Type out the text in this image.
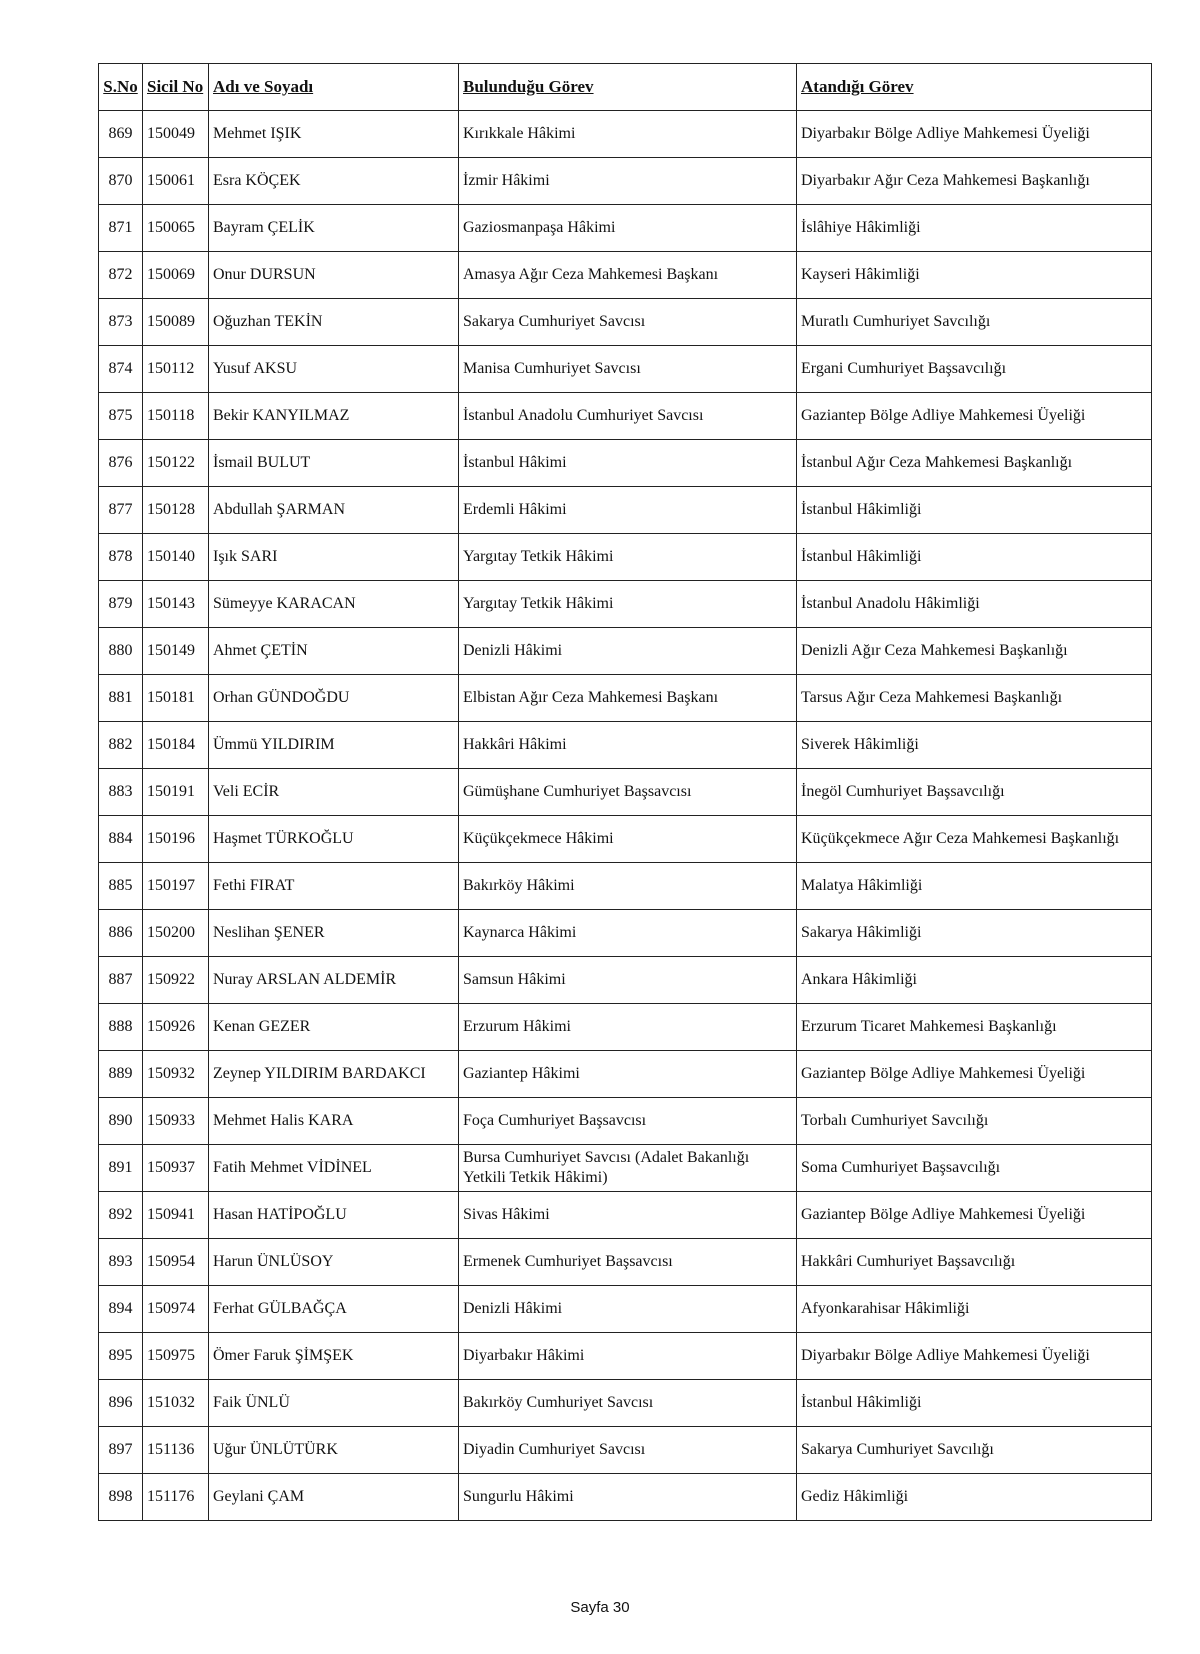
S.No	Sicil No	Adı ve Soyadı	Bulunduğu Görev	Atandığı Görev
869	150049	Mehmet IŞIK	Kırıkkale Hâkimi	Diyarbakır Bölge Adliye Mahkemesi Üyeliği
870	150061	Esra KÖÇEK	İzmir Hâkimi	Diyarbakır Ağır Ceza Mahkemesi Başkanlığı
871	150065	Bayram ÇELİK	Gaziosmanpaşa Hâkimi	İslâhiye Hâkimliği
872	150069	Onur DURSUN	Amasya Ağır Ceza Mahkemesi Başkanı	Kayseri Hâkimliği
873	150089	Oğuzhan TEKİN	Sakarya Cumhuriyet Savcısı	Muratlı Cumhuriyet Savcılığı
874	150112	Yusuf AKSU	Manisa Cumhuriyet Savcısı	Ergani Cumhuriyet Başsavcılığı
875	150118	Bekir KANYILMAZ	İstanbul Anadolu Cumhuriyet Savcısı	Gaziantep Bölge Adliye Mahkemesi Üyeliği
876	150122	İsmail BULUT	İstanbul Hâkimi	İstanbul Ağır Ceza Mahkemesi Başkanlığı
877	150128	Abdullah ŞARMAN	Erdemli Hâkimi	İstanbul Hâkimliği
878	150140	Işık SARI	Yargıtay Tetkik Hâkimi	İstanbul Hâkimliği
879	150143	Sümeyye KARACAN	Yargıtay Tetkik Hâkimi	İstanbul Anadolu Hâkimliği
880	150149	Ahmet ÇETİN	Denizli Hâkimi	Denizli Ağır Ceza Mahkemesi Başkanlığı
881	150181	Orhan GÜNDOĞDU	Elbistan Ağır Ceza Mahkemesi Başkanı	Tarsus Ağır Ceza Mahkemesi Başkanlığı
882	150184	Ümmü YILDIRIM	Hakkâri Hâkimi	Siverek Hâkimliği
883	150191	Veli ECİR	Gümüşhane Cumhuriyet Başsavcısı	İnegöl Cumhuriyet Başsavcılığı
884	150196	Haşmet TÜRKOĞLU	Küçükçekmece Hâkimi	Küçükçekmece Ağır Ceza Mahkemesi Başkanlığı
885	150197	Fethi FIRAT	Bakırköy Hâkimi	Malatya Hâkimliği
886	150200	Neslihan ŞENER	Kaynarca Hâkimi	Sakarya Hâkimliği
887	150922	Nuray ARSLAN ALDEMİR	Samsun Hâkimi	Ankara Hâkimliği
888	150926	Kenan GEZER	Erzurum Hâkimi	Erzurum Ticaret Mahkemesi Başkanlığı
889	150932	Zeynep YILDIRIM BARDAKCI	Gaziantep Hâkimi	Gaziantep Bölge Adliye Mahkemesi Üyeliği
890	150933	Mehmet Halis KARA	Foça Cumhuriyet Başsavcısı	Torbalı Cumhuriyet Savcılığı
891	150937	Fatih Mehmet VİDİNEL	Bursa Cumhuriyet Savcısı (Adalet Bakanlığı Yetkili Tetkik Hâkimi)	Soma Cumhuriyet Başsavcılığı
892	150941	Hasan HATİPOĞLU	Sivas Hâkimi	Gaziantep Bölge Adliye Mahkemesi Üyeliği
893	150954	Harun ÜNLÜSOY	Ermenek Cumhuriyet Başsavcısı	Hakkâri Cumhuriyet Başsavcılığı
894	150974	Ferhat GÜLBAĞÇA	Denizli Hâkimi	Afyonkarahisar Hâkimliği
895	150975	Ömer Faruk ŞİMŞEK	Diyarbakır Hâkimi	Diyarbakır Bölge Adliye Mahkemesi Üyeliği
896	151032	Faik ÜNLÜ	Bakırköy Cumhuriyet Savcısı	İstanbul Hâkimliği
897	151136	Uğur ÜNLÜTÜRK	Diyadin Cumhuriyet Savcısı	Sakarya Cumhuriyet Savcılığı
898	151176	Geylani ÇAM	Sungurlu Hâkimi	Gediz Hâkimliği
Sayfa 30
